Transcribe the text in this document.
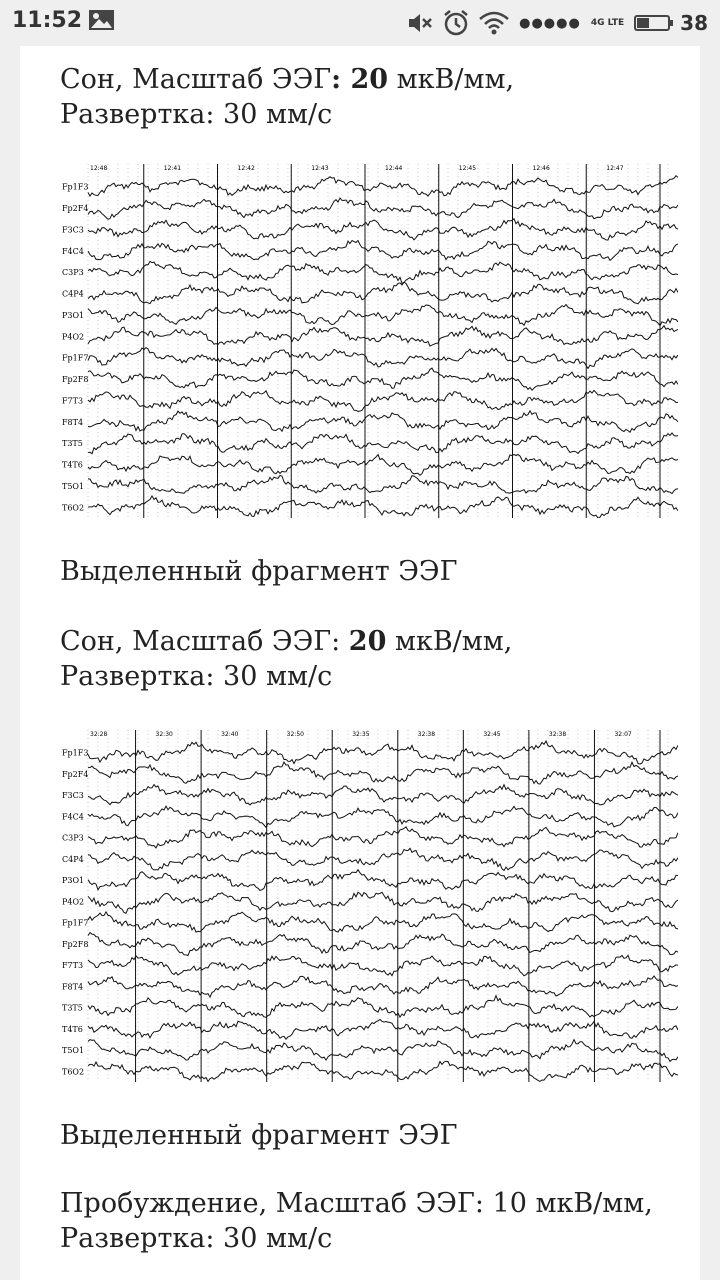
11:52	●●●●● 4G LTE	38
Сон, Масштаб ЭЭГ: 20 мкВ/мм,
Развертка: 30 мм/с
12:48	12:41	12:42	12:43	12:44	12:45	12:46	12:47
Fp1F3
Fp2F4
F3C3
F4C4
C3P3
C4P4
P3O1
P4O2
Fp1F7
Fp2F8
F7T3
F8T4
T3T5
T4T6
T5O1
T6O2
Выделенный фрагмент ЭЭГ
Сон, Масштаб ЭЭГ: 20 мкВ/мм,
Развертка: 30 мм/с
32:28	32:30	32:40	32:50	32:35	32:38	32:45	32:38	32:07
Fp1F3
Fp2F4
F3C3
F4C4
C3P3
C4P4
P3O1
P4O2
Fp1F7
Fp2F8
F7T3
F8T4
T3T5
T4T6
T5O1
T6O2
Выделенный фрагмент ЭЭГ
Пробуждение, Масштаб ЭЭГ: 10 мкВ/мм,
Развертка: 30 мм/с
